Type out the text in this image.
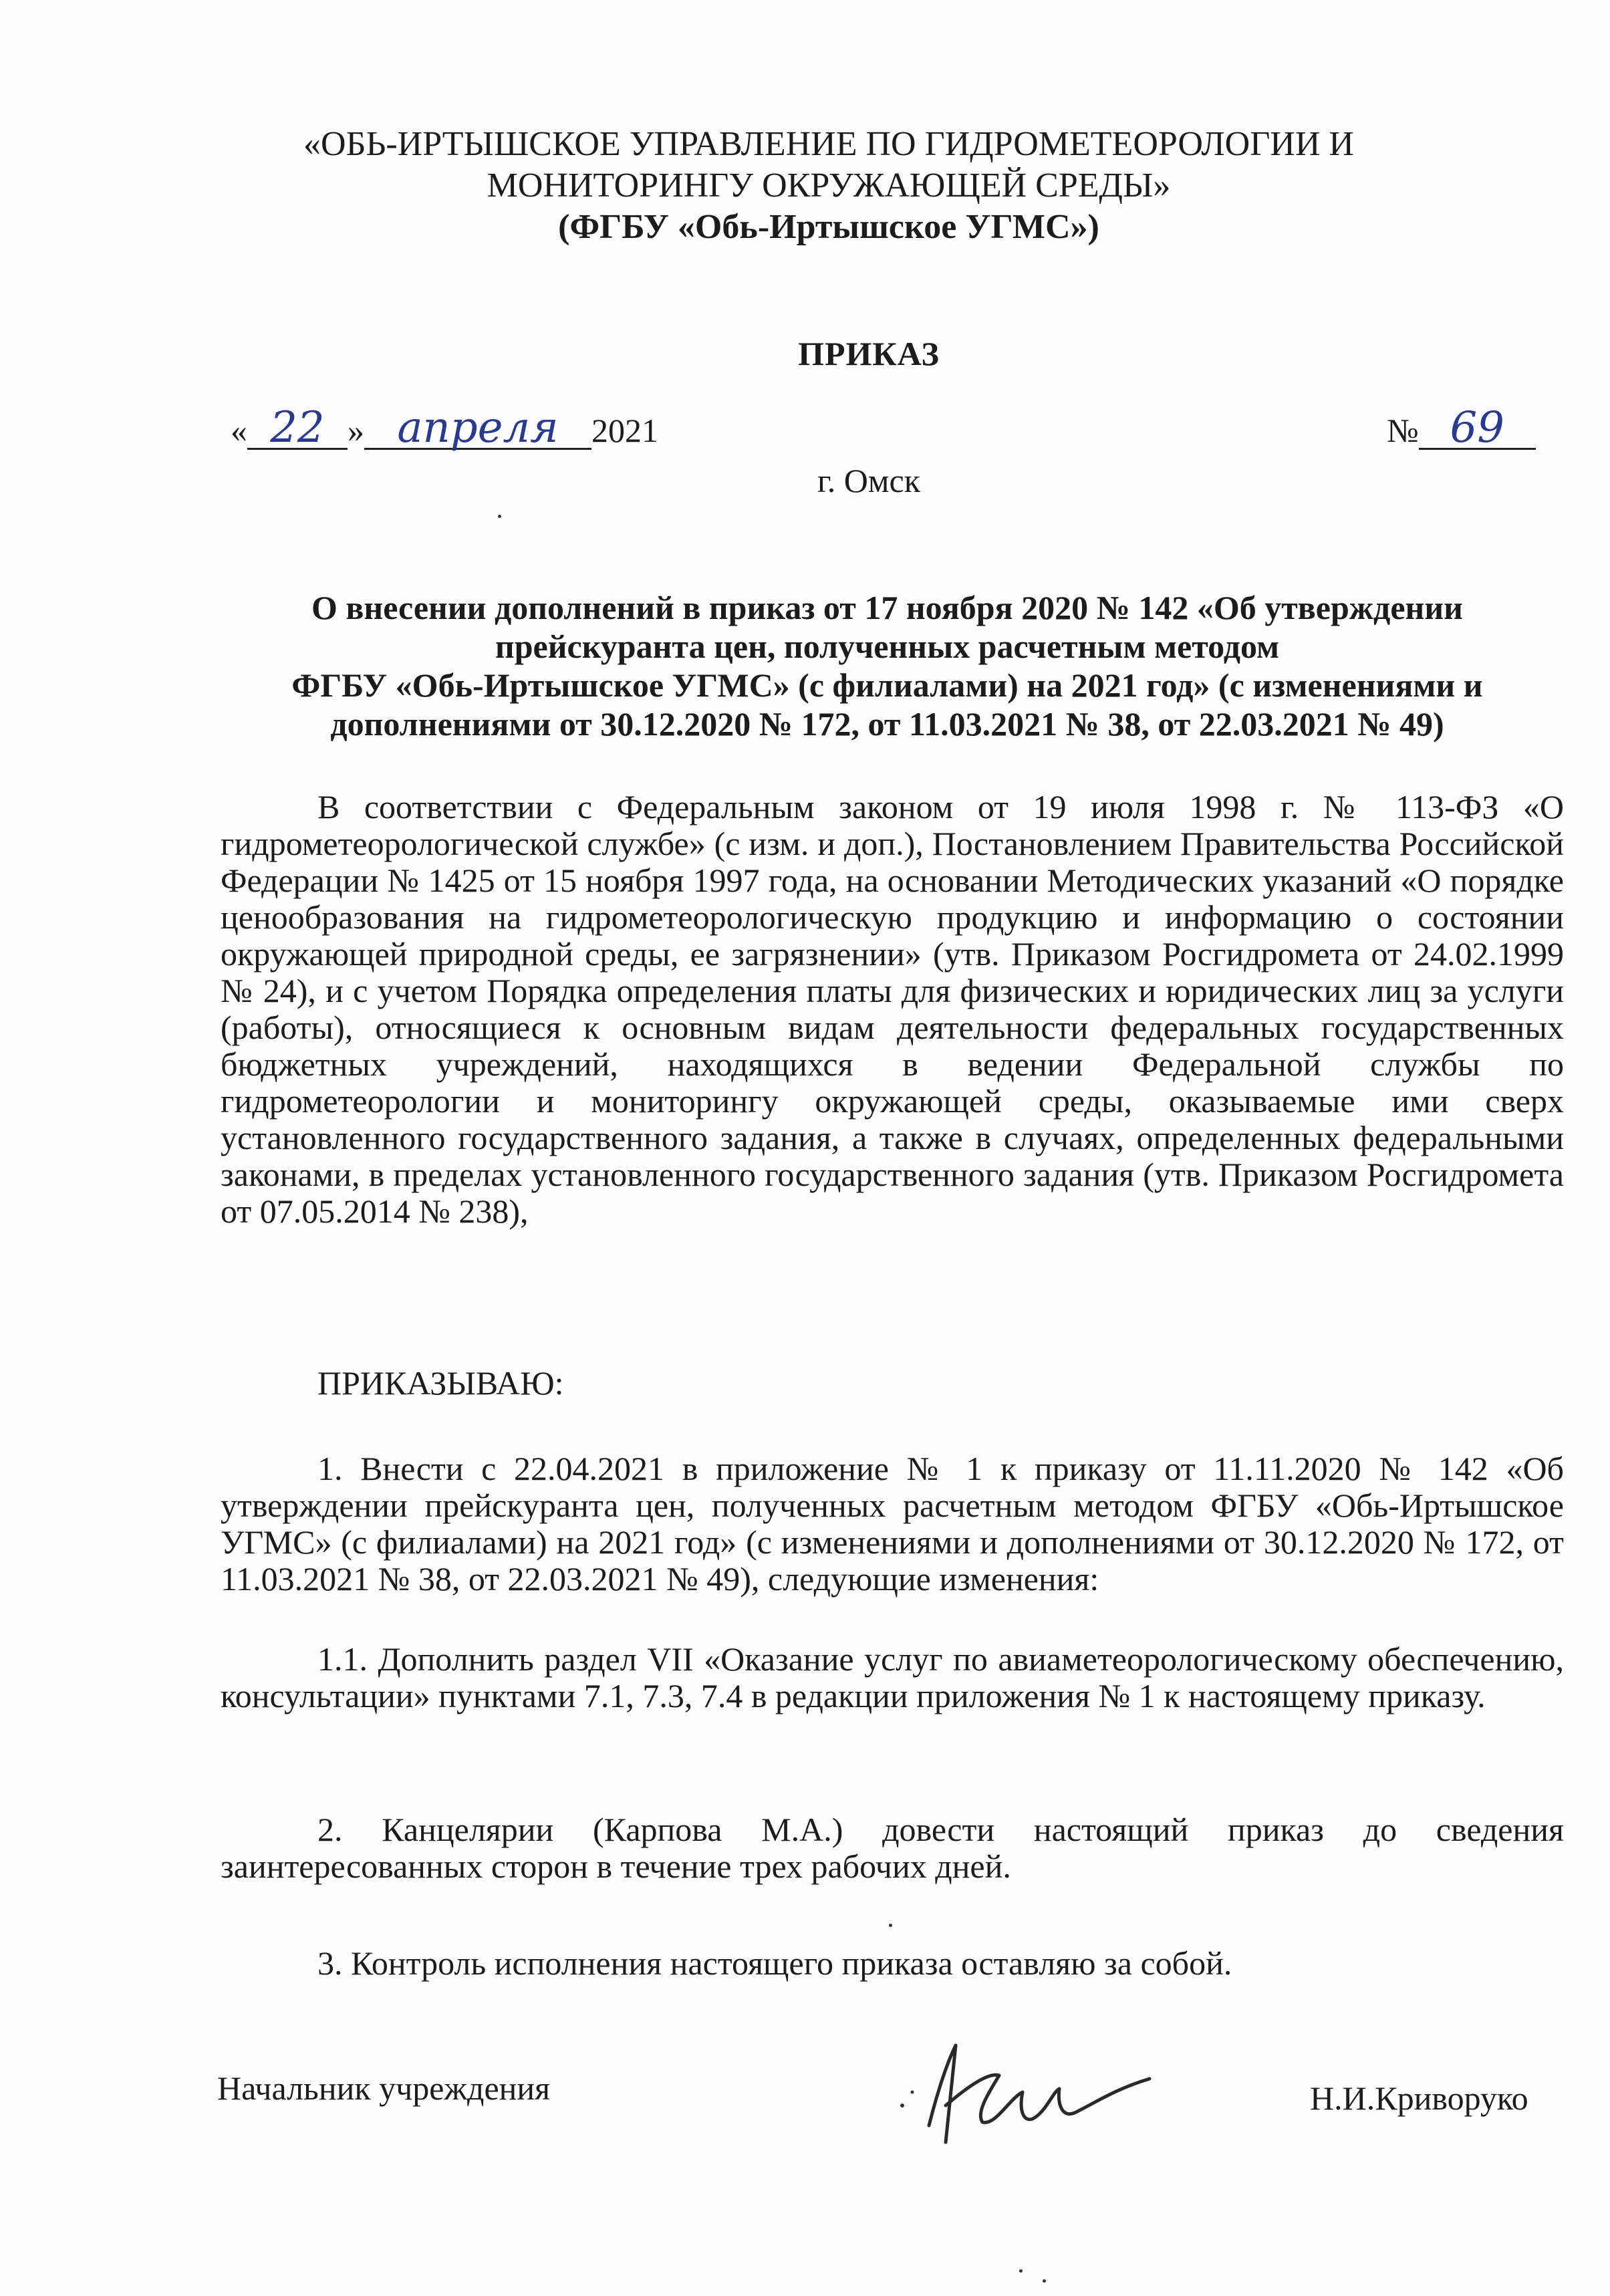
«ОБЬ-ИРТЫШСКОЕ УПРАВЛЕНИЕ ПО ГИДРОМЕТЕОРОЛОГИИ И
МОНИТОРИНГУ ОКРУЖАЮЩЕЙ СРЕДЫ»
(ФГБУ «Обь-Иртышское УГМС»)
ПРИКАЗ
« 22 » апреля 2021	№ 69
г. Омск
О внесении дополнений в приказ от 17 ноября 2020 № 142 «Об утверждении
прейскуранта цен, полученных расчетным методом
ФГБУ «Обь-Иртышское УГМС» (с филиалами) на 2021 год» (с изменениями и
дополнениями от 30.12.2020 № 172, от 11.03.2021 № 38, от 22.03.2021 № 49)

В соответствии с Федеральным законом от 19 июля 1998 г. № 113-ФЗ «О гидрометеорологической службе» (с изм. и доп.), Постановлением Правительства Российской Федерации № 1425 от 15 ноября 1997 года, на основании Методических указаний «О порядке ценообразования на гидрометеорологическую продукцию и информацию о состоянии окружающей природной среды, ее загрязнении» (утв. Приказом Росгидромета от 24.02.1999 № 24), и с учетом Порядка определения платы для физических и юридических лиц за услуги (работы), относящиеся к основным видам деятельности федеральных государственных бюджетных учреждений, находящихся в ведении Федеральной службы по гидрометеорологии и мониторингу окружающей среды, оказываемые ими сверх установленного государственного задания, а также в случаях, определенных федеральными законами, в пределах установленного государственного задания (утв. Приказом Росгидромета от 07.05.2014 № 238),

ПРИКАЗЫВАЮ:

1. Внести с 22.04.2021 в приложение № 1 к приказу от 11.11.2020 № 142 «Об утверждении прейскуранта цен, полученных расчетным методом ФГБУ «Обь-Иртышское УГМС» (с филиалами) на 2021 год» (с изменениями и дополнениями от 30.12.2020 № 172, от 11.03.2021 № 38, от 22.03.2021 № 49), следующие изменения:

1.1. Дополнить раздел VII «Оказание услуг по авиаметеорологическому обеспечению, консультации» пунктами 7.1, 7.3, 7.4 в редакции приложения № 1 к настоящему приказу.

2. Канцелярии (Карпова М.А.) довести настоящий приказ до сведения заинтересованных сторон в течение трех рабочих дней.

3. Контроль исполнения настоящего приказа оставляю за собой.

Начальник учреждения	Н.И.Криворуко
